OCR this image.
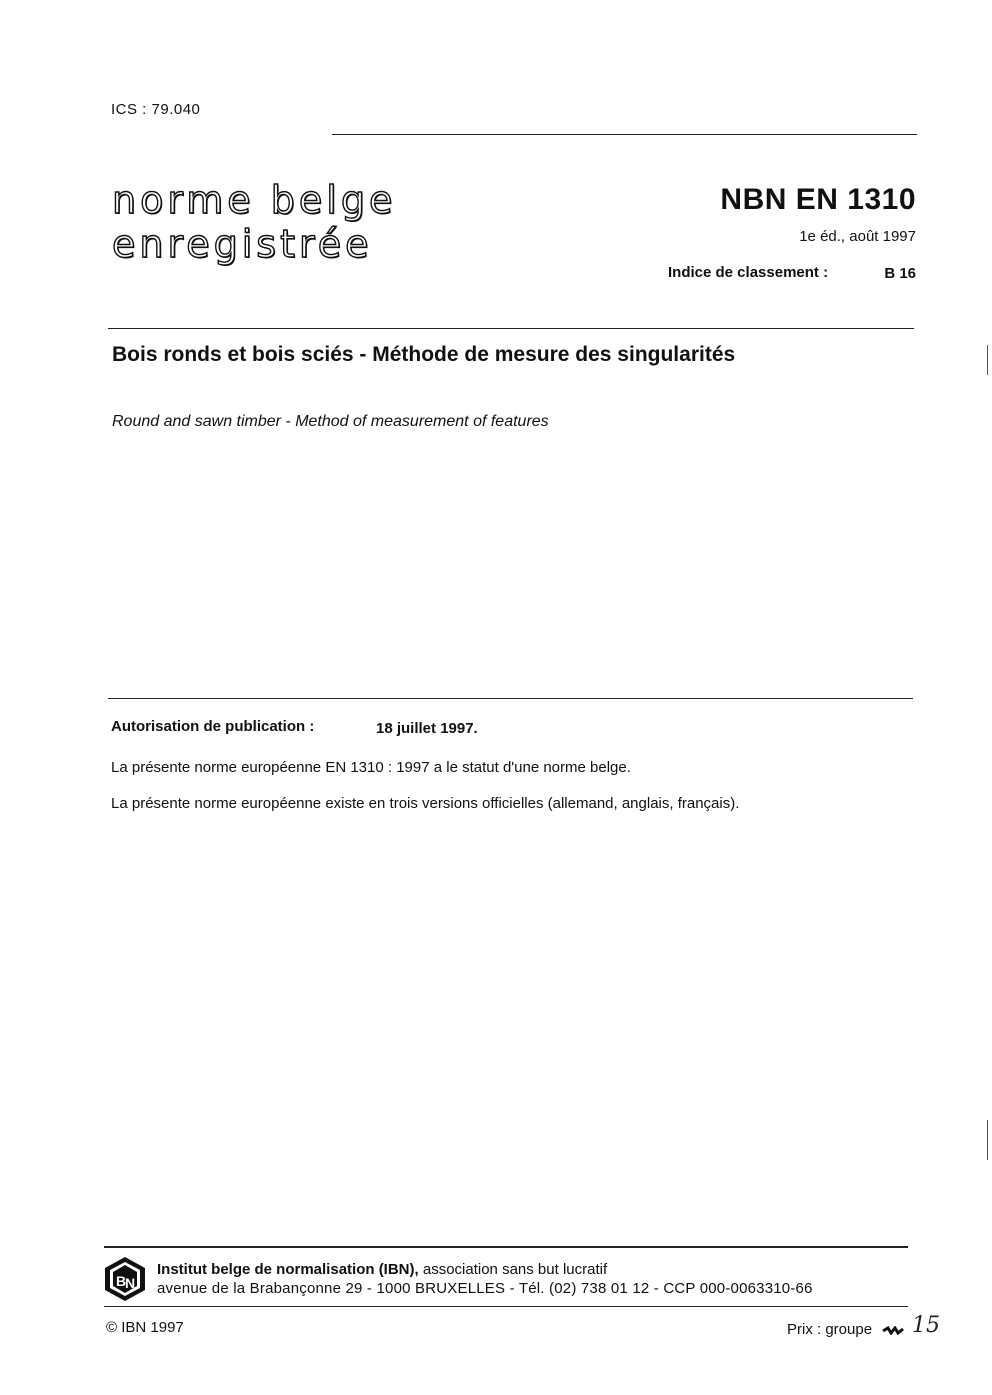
ICS : 79.040
norme belge
enregistrée
NBN EN 1310
1e éd., août 1997
Indice de classement :	B 16
Bois ronds et bois sciés - Méthode de mesure des singularités
Round and sawn timber - Method of measurement of features
Autorisation de publication :	18 juillet 1997.
La présente norme européenne EN 1310 : 1997 a le statut d'une norme belge.
La présente norme européenne existe en trois versions officielles (allemand, anglais, français).
B
N
Institut belge de normalisation (IBN), association sans but lucratif
avenue de la Brabançonne 29 - 1000 BRUXELLES - Tél. (02) 738 01 12 - CCP 000-0063310-66
© IBN 1997	Prix : groupe 15
